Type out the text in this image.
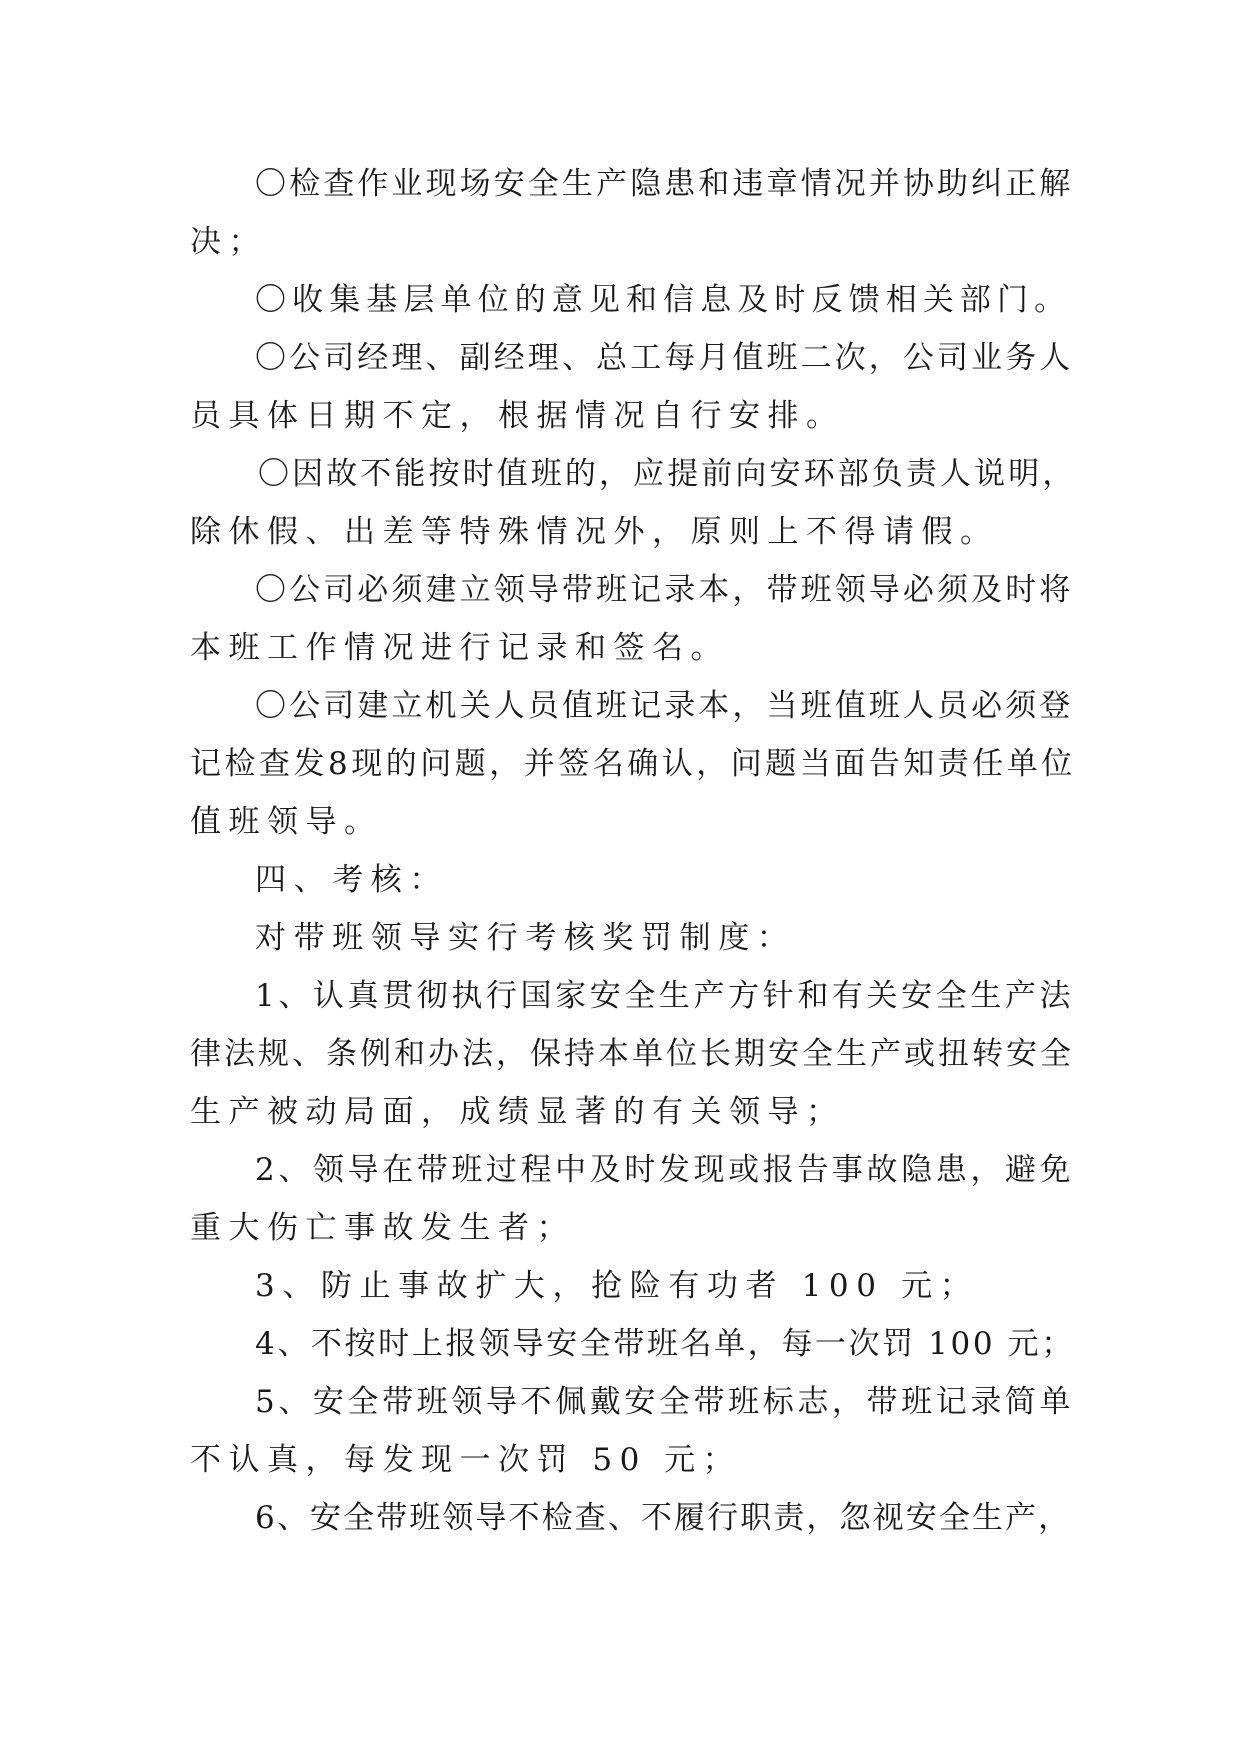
〇检查作业现场安全生产隐患和违章情况并协助纠正解
决；
〇收集基层单位的意见和信息及时反馈相关部门。
〇公司经理、副经理、总工每月值班二次，公司业务人
员具体日期不定，根据情况自行安排。
〇因故不能按时值班的，应提前向安环部负责人说明，
除休假、出差等特殊情况外，原则上不得请假。
〇公司必须建立领导带班记录本，带班领导必须及时将
本班工作情况进行记录和签名。
〇公司建立机关人员值班记录本，当班值班人员必须登
记检查发8现的问题，并签名确认，问题当面告知责任单位
值班领导。
四、考核：
对带班领导实行考核奖罚制度：
1、认真贯彻执行国家安全生产方针和有关安全生产法
律法规、条例和办法，保持本单位长期安全生产或扭转安全
生产被动局面，成绩显著的有关领导；
2、领导在带班过程中及时发现或报告事故隐患，避免
重大伤亡事故发生者；
3、防止事故扩大，抢险有功者 100 元；
4、不按时上报领导安全带班名单，每一次罚 100 元；
5、安全带班领导不佩戴安全带班标志，带班记录简单
不认真，每发现一次罚 50 元；
6、安全带班领导不检查、不履行职责，忽视安全生产，
